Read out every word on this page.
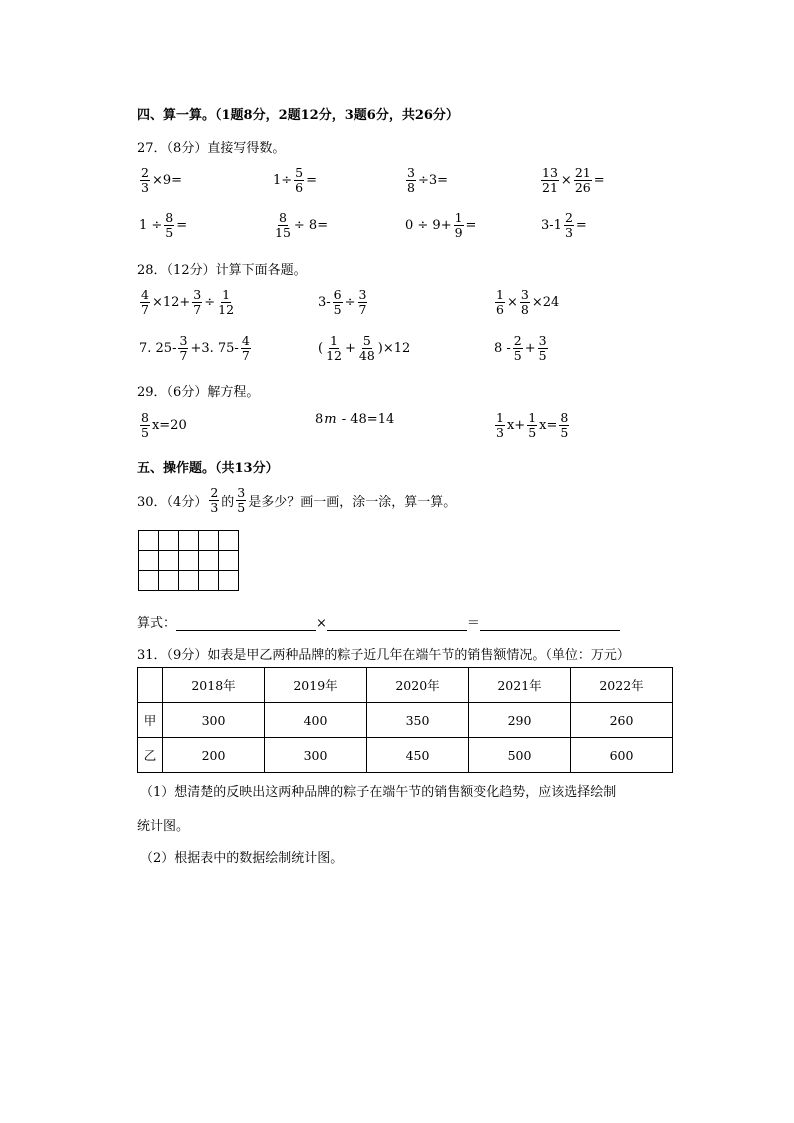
四、算一算。（1题8分，2题12分，3题6分，共26分）
27．（8分）直接写得数。
$\frac{2}{3} \times 9=$	$1\div \frac{5}{6}$ =	$\frac{3}{8} \div 3=$	$\frac{13}{21} \times \frac{21}{26}$ =
$1 \div \frac{8}{5}$ =	$\frac{8}{15} \div 8=$	$0 \div 9+ \frac{1}{9}$ =	$3-1 \frac{2}{3}$ =
28．（12分）计算下面各题。
$\frac{4}{7} \times 12+ \frac{3}{7} \div \frac{1}{12}$	$3- \frac{6}{5} \div \frac{3}{7}$	$\frac{1}{6} \times \frac{3}{8} \times 24$
7. $25- \frac{3}{7} +3$. $75- \frac{4}{7}$	( $\frac{1}{12} + \frac{5}{48} )\times 12$	$8 - \frac{2}{5} + \frac{3}{5}$
29．（6分）解方程。
$\frac{8}{5} x=20$	8 m - 48=14	$\frac{1}{3} x+ \frac{1}{5} x= \frac{8}{5}$
五、操作题。（共13分）
30．（4分） $\frac{2}{3}$ 的 $\frac{3}{5}$ 是多少？画一画，涂一涂，算一算。

算式：	×	＝
31．（9分）如表是甲乙两种品牌的粽子近几年在端午节的销售额情况。（单位：万元）
	2018年	2019年	2020年	2021年	2022年
甲	300	400	350	290	260
乙	200	300	450	500	600
（1）想清楚的反映出这两种品牌的粽子在端午节的销售额变化趋势，应该选择绘制
统计图。
（2）根据表中的数据绘制统计图。
